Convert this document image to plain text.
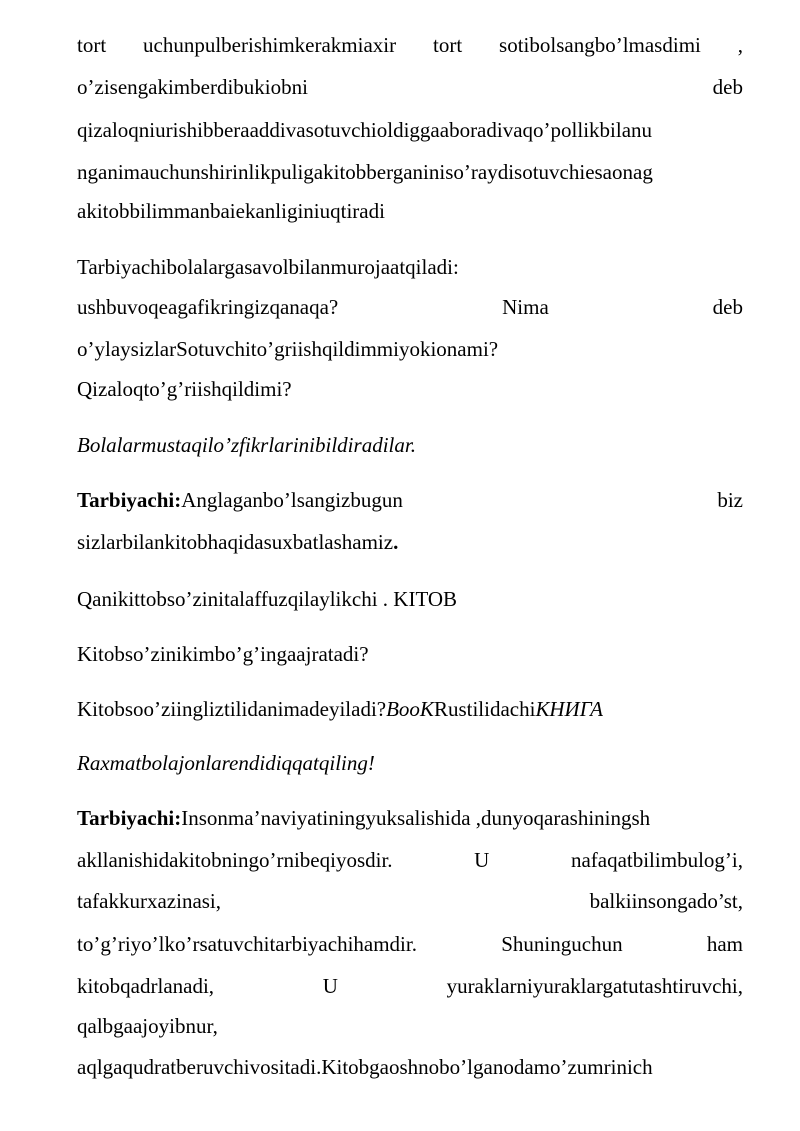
tort uchunpulberishimkerakmiaxir tort sotibolsangbo’lmasdimi ,
o’zisengakimberdibukiobni	deb
qizaloqniurishibberaaddivasotuvchioldiggaaboradivaqo’pollikbilanu
nganimauchunshirinlikpuligakitobberganiniso’raydisotuvchiesaonag
akitobbilimmanbaiekanliginiuqtiradi
Tarbiyachibolalargasavolbilanmurojaatqiladi:
ushbuvoqeagafikringizqanaqa?	Nima	deb
o’ylaysizlarSotuvchito’griishqildimmiyokionami?
Qizaloqto’g’riishqildimi?
Bolalarmustaqilo’zfikrlarinibildiradilar.
Tarbiyachi:Anglaganbo’lsangizbugun	biz
sizlarbilankitobhaqidasuxbatlashamiz.
Qanikittobso’zinitalaffuzqilaylikchi . KITOB
Kitobso’zinikimbo’g’ingaajratadi?
Kitobsoo’ziingliztilidanimadeyiladi?BooKRustilidachiКНИГА
Raxmatbolajonlarendidiqqatqiling!
Tarbiyachi:Insonma’naviyatiningyuksalishida ,dunyoqarashiningsh
akllanishidakitobningo’rnibeqiyosdir.	U	nafaqatbilimbulog’i,
tafakkurxazinasi,	balkiinsongado’st,
to’g’riyo’lko’rsatuvchitarbiyachihamdir.	Shuninguchun	ham
kitobqadrlanadi,	U	yuraklarniyuraklargatutashtiruvchi,
qalbgaajoyibnur,
aqlgaqudratberuvchivositadi.Kitobgaoshnobo’lganodamo’zumrinich
